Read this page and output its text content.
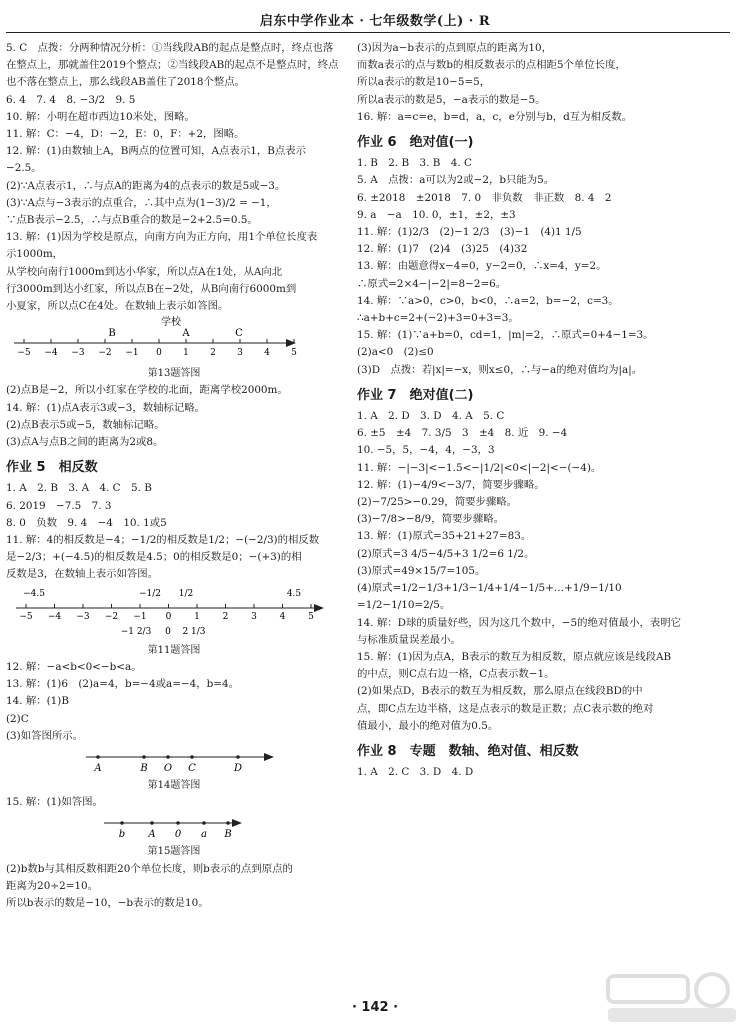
启东中学作业本 · 七年级数学(上) · R
5. C　点拨：分两种情况分析：①当线段AB的起点是整点时，终点也落
在整点上，那就盖住2019个整点；②当线段AB的起点不是整点时，终点
也不落在整点上，那么线段AB盖住了2018个整点。
6. 4　7. 4　8. −3/2　9. 5
10. 解：小明在超市西边10米处，图略。
11. 解：C：−4，D：−2，E：0，F：+2，图略。
12. 解：(1)由数轴上A，B两点的位置可知，A点表示1，B点表示
−2.5。
(2)∵A点表示1，∴与点A的距离为4的点表示的数是5或−3。
(3)∵A点与−3表示的点重合，∴其中点为(1−3)/2 = −1，
∵点B表示−2.5，∴与点B重合的数是−2+2.5=0.5。
13. 解：(1)因为学校是原点，向南方向为正方向，用1个单位长度表
示1000m，
从学校向南行1000m到达小华家，所以点A在1处，从A向北
行3000m到达小红家，所以点B在−2处，从B向南行6000m到
小夏家，所以点C在4处。在数轴上表示如答图。
学校
−5 −4 −3 −2 −1 0 1 2 3 4 5
B	A	C
第13题答图
(2)点B是−2，所以小红家在学校的北面，距离学校2000m。
14. 解：(1)点A表示3或−3，数轴标记略。
(2)点B表示5或−5，数轴标记略。
(3)点A与点B之间的距离为2或8。
作业 5　相反数
1. A　2. B　3. A　4. C　5. B
6. 2019　−7.5　7. 3
8. 0　负数　9. 4　−4　10. 1或5
11. 解：4的相反数是−4；−1/2的相反数是1/2；−(−2/3)的相反数
是−2/3；+(−4.5)的相反数是4.5；0的相反数是0；−(+3)的相
反数是3，在数轴上表示如答图。
−4.5	−1/2 1/2	4.5
−5 −4 −3 −2 −1 0	1	2	3	4	5
−1 2/3 0 2 1/3
第11题答图
12. 解：−a<b<0<−b<a。
13. 解：(1)6　(2)a=4，b=−4或a=−4，b=4。
14. 解：(1)B
(2)C
(3)如答图所示。
A	B O C	D
第14题答图
15. 解：(1)如答图。
b A 0 a B
第15题答图
(2)b数b与其相反数相距20个单位长度，则b表示的点到原点的
距离为20÷2=10。
所以b表示的数是−10，−b表示的数是10。
(3)因为a−b表示的点到原点的距离为10，
而数a表示的点与数b的相反数表示的点相距5个单位长度，
所以a表示的数是10−5=5，
所以a表示的数是5，−a表示的数是−5。
16. 解：a=c=e，b=d，a，c，e分别与b，d互为相反数。
作业 6　绝对值(一)
1. B　2. B　3. B　4. C
5. A　点拨：a可以为2或−2，b只能为5。
6. ±2018　±2018　7. 0　非负数　非正数　8. 4　2
9. a　−a　10. 0，±1，±2，±3
11. 解：(1)2/3　(2)−1 2/3　(3)−1　(4)1 1/5
12. 解：(1)7　(2)4　(3)25　(4)32
13. 解：由题意得x−4=0，y−2=0，∴x=4，y=2。
∴原式=2×4−|−2|=8−2=6。
14. 解：∵a>0，c>0，b<0，∴a=2，b=−2，c=3。
∴a+b+c=2+(−2)+3=0+3=3。
15. 解：(1)∵a+b=0，cd=1，|m|=2，∴原式=0+4−1=3。
(2)a<0　(2)≤0
(3)D　点拨：若|x|=−x，则x≤0，∴与−a的绝对值均为|a|。
作业 7　绝对值(二)
1. A　2. D　3. D　4. A　5. C
6. ±5　±4　7. 3/5　3　±4　8. 近　9. −4
10. −5，5，−4，4，−3，3
11. 解：−|−3|<−1.5<−|1/2|<0<|−2|<−(−4)。
12. 解：(1)−4/9<−3/7，简要步骤略。
(2)−7/25>−0.29，简要步骤略。
(3)−7/8>−8/9，简要步骤略。
13. 解：(1)原式=35+21+27=83。
(2)原式=3 4/5−4/5+3 1/2=6 1/2。
(3)原式=49×15/7=105。
(4)原式=1/2−1/3+1/3−1/4+1/4−1/5+…+1/9−1/10
=1/2−1/10=2/5。
14. 解：D球的质量好些，因为这几个数中，−5的绝对值最小，表明它
与标准质量误差最小。
15. 解：(1)因为点A，B表示的数互为相反数，原点就应该是线段AB
的中点，则C点右边一格，C点表示数−1。
(2)如果点D，B表示的数互为相反数，那么原点在线段BD的中
点，即C点左边半格，这是点表示的数是正数；点C表示数的绝对
值最小，最小的绝对值为0.5。
作业 8　专题　数轴、绝对值、相反数
1. A　2. C　3. D　4. D
· 142 ·
